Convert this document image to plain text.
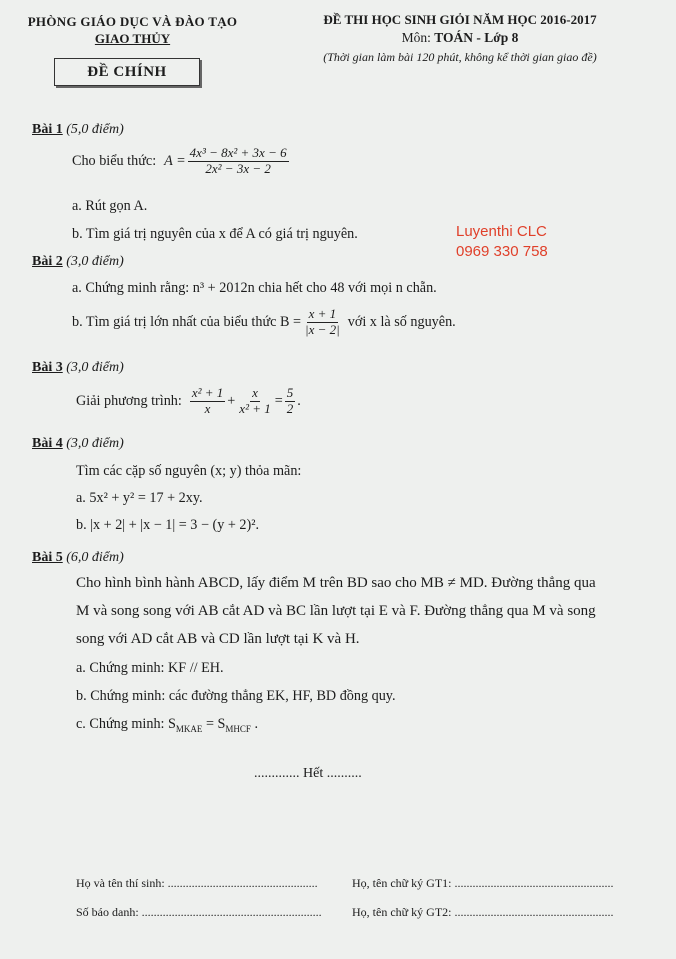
PHÒNG GIÁO DỤC VÀ ĐÀO TẠO
GIAO THỦY
ĐỀ CHÍNH
ĐỀ THI HỌC SINH GIỎI NĂM HỌC 2016-2017
Môn: TOÁN - Lớp 8
(Thời gian làm bài 120 phút, không kể thời gian giao đề)
Bài 1 (5,0 điểm)
Cho biểu thức: $A = \frac{\text{4x³ − 8x² + 3x − 6}}{\text{2x² − 3x − 2}}$
a. Rút gọn A.
b. Tìm giá trị nguyên của x để A có giá trị nguyên.	Luyenthi CLC
0969 330 758
Bài 2 (3,0 điểm)
a. Chứng minh rằng: n³ + 2012n chia hết cho 48 với mọi n chẵn.
b. Tìm giá trị lớn nhất của biểu thức $B = \frac{x + 1}{|x - 2|}$ với x là số nguyên.
Bài 3 (3,0 điểm)
Giải phương trình: $\frac{\text{x² + 1}}{x} + \frac{x}{\text{x² + 1}} = \frac{5}{2}$ .
Bài 4 (3,0 điểm)
Tìm các cặp số nguyên (x; y) thỏa mãn:
a. 5x² + y² = 17 + 2xy.
b. |x + 2| + |x − 1| = 3 − (y + 2)².
Bài 5 (6,0 điểm)
Cho hình bình hành ABCD, lấy điểm M trên BD sao cho MB ≠ MD. Đường thẳng qua
M và song song với AB cắt AD và BC lần lượt tại E và F. Đường thẳng qua M và song
song với AD cắt AB và CD lần lượt tại K và H.
a. Chứng minh: KF // EH.
b. Chứng minh: các đường thẳng EK, HF, BD đồng quy.
c. Chứng minh: $S_{MKAE} = S_{MHCF}$ .
............. Hết ..........
Họ và tên thí sinh: ..................................................	Họ, tên chữ ký GT1: .....................................................
Số báo danh: ............................................................	Họ, tên chữ ký GT2: .....................................................
